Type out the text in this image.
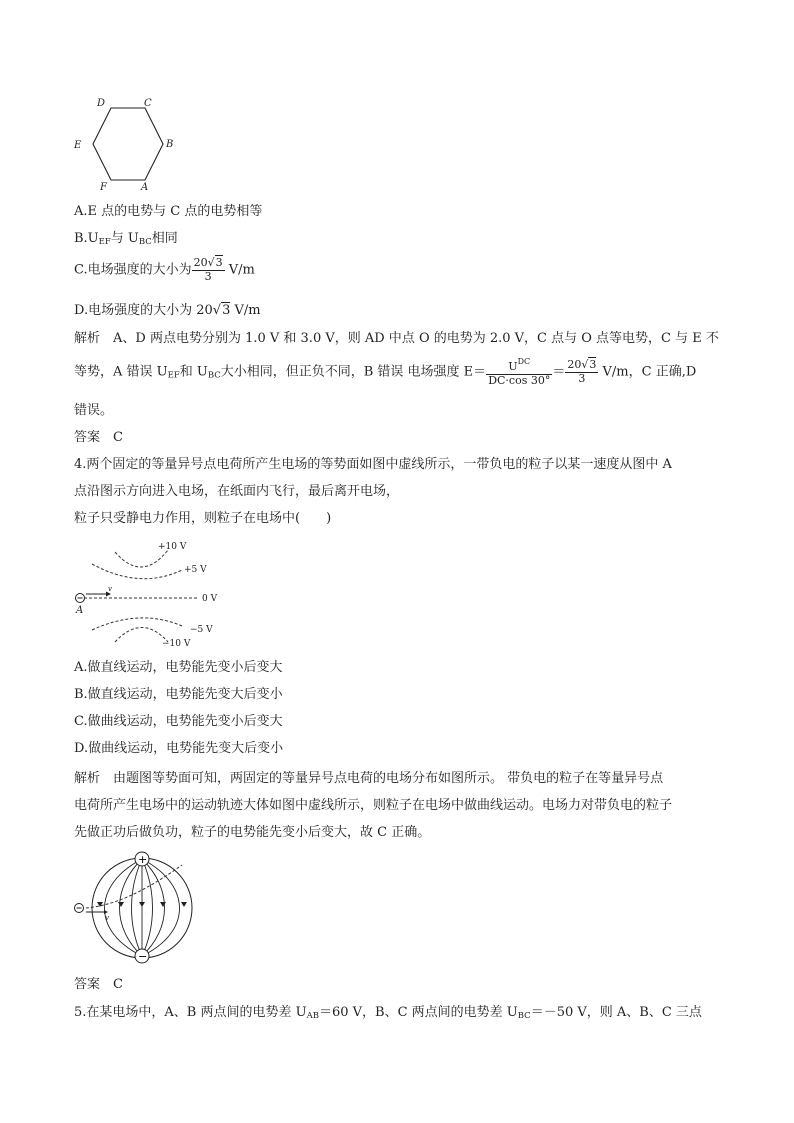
D	C
B
A
F
E
A.E 点的电势与 C 点的电势相等
$B.U_{EF}$与 $U_{BC}$相同
C.电场强度的大小为 $\frac{20√3}{3} V/m$
D.电场强度的大小为 20√3 V/m
解析　A、D 两点电势分别为 1.0 V 和 3.0 V，则 AD 中点 O 的电势为 2.0 V，C 点与 O 点等电势，C 与 E 不
等势，A 错误 $U_{EF}$和 $U_{BC}$大小相同，但正负不同，B 错误 电场强度 $E= \frac{U^{DC}}{DC\cdot\cos 30^\circ} = \frac{20√3}{3} V/m$，C 正确,D
错误。
答案　C
4.两个固定的等量异号点电荷所产生电场的等势面如图中虚线所示，一带负电的粒子以某一速度从图中 A
点沿图示方向进入电场，在纸面内飞行，最后离开电场，
粒子只受静电力作用，则粒子在电场中(　　)
v
A
+10 V
+5 V
0 V
−5 V
−10 V
A.做直线运动，电势能先变小后变大
B.做直线运动，电势能先变大后变小
C.做曲线运动，电势能先变小后变大
D.做曲线运动，电势能先变大后变小
解析　由题图等势面可知，两固定的等量异号点电荷的电场分布如图所示。 带负电的粒子在等量异号点
电荷所产生电场中的运动轨迹大体如图中虚线所示，则粒子在电场中做曲线运动。电场力对带负电的粒子
先做正功后做负功，粒子的电势能先变小后变大，故 C 正确。
+
−
v
答案　C
5.在某电场中，A、B 两点间的电势差 $U_{AB}=60$ V，B、C 两点间的电势差 $U_{BC}=-50$ V，则 A、B、C 三点
